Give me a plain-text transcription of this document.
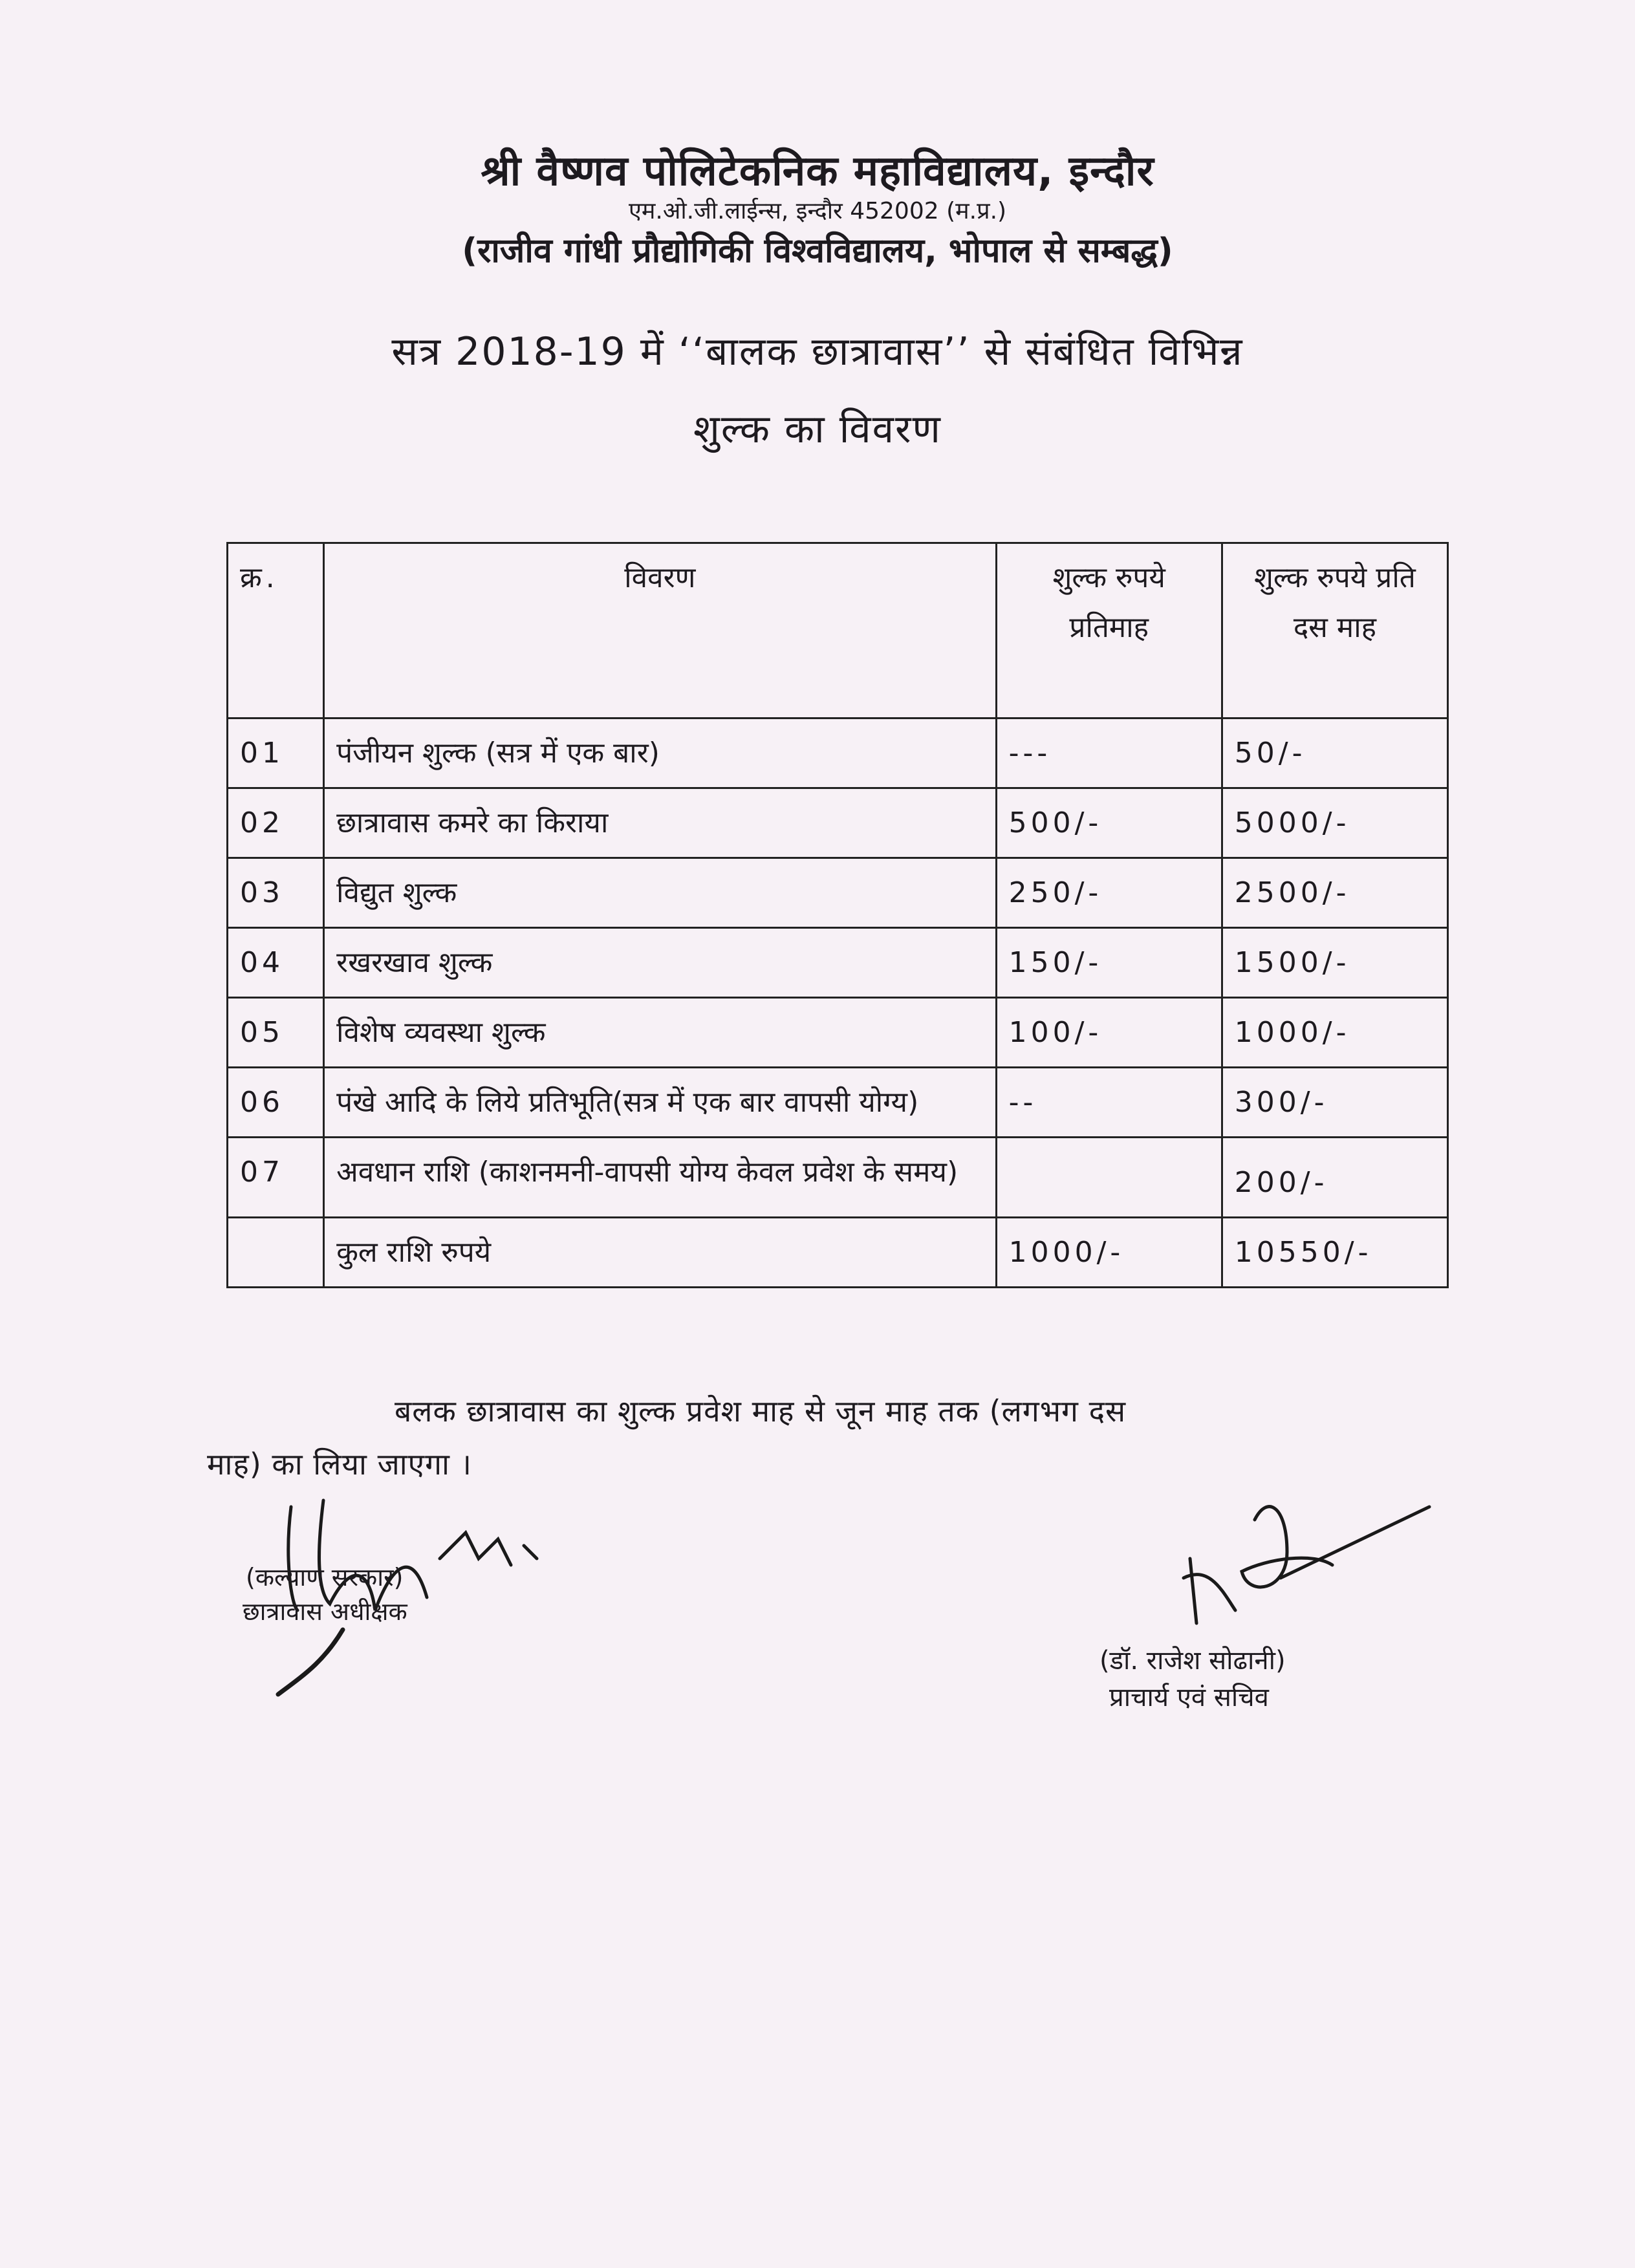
श्री वैष्णव पोलिटेकनिक महाविद्यालय, इन्दौर
एम.ओ.जी.लाईन्स, इन्दौर 452002 (म.प्र.)
(राजीव गांधी प्रौद्योगिकी विश्वविद्यालय, भोपाल से सम्बद्ध)
सत्र 2018-19 में ‘‘बालक छात्रावास’’ से संबंधित विभिन्न
शुल्क का विवरण
क्र.	विवरण	शुल्क रुपये प्रतिमाह	शुल्क रुपये प्रति दस माह
01	पंजीयन शुल्क (सत्र में एक बार)	---	50/-
02	छात्रावास कमरे का किराया	500/-	5000/-
03	विद्युत शुल्क	250/-	2500/-
04	रखरखाव शुल्क	150/-	1500/-
05	विशेष व्यवस्था शुल्क	100/-	1000/-
06	पंखे आदि के लिये प्रतिभूति(सत्र में एक बार वापसी योग्य)	--	300/-
07	अवधान राशि (काशनमनी-वापसी योग्य केवल प्रवेश के समय)		200/-
	कुल राशि रुपये	1000/-	10550/-
बलक छात्रावास का शुल्क प्रवेश माह से जून माह तक (लगभग दस
माह) का लिया जाएगा ।
(कल्याण सरकार)
छात्रावास अधीक्षक
(डॉ. राजेश सोढानी)
प्राचार्य एवं सचिव
